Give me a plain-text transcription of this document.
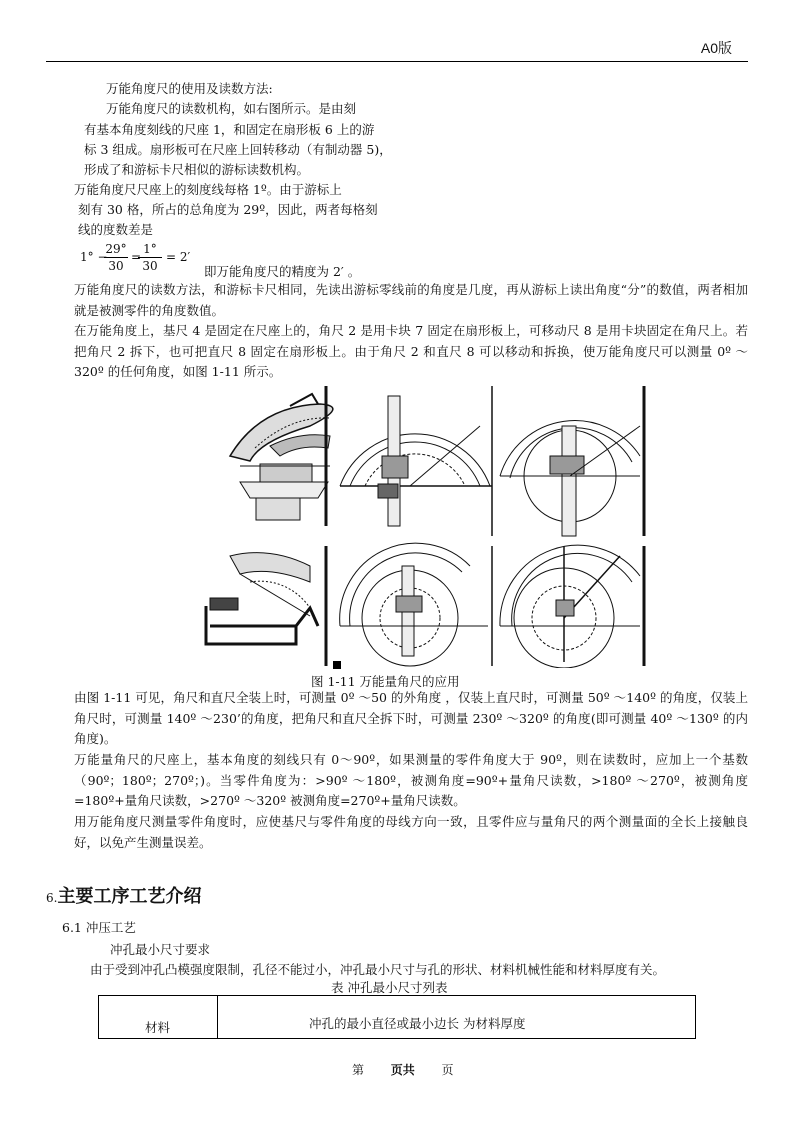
A0版
万能角度尺的使用及读数方法:
万能角度尺的读数机构，如右图所示。是由刻
有基本角度刻线的尺座 1，和固定在扇形板 6 上的游
标 3 组成。扇形板可在尺座上回转移动（有制动器 5)，
形成了和游标卡尺相似的游标读数机构。
万能角度尺尺座上的刻度线每格 1º。由于游标上
刻有 30 格，所占的总角度为 29º，因此，两者每格刻
线的度数差是
1° −
$\frac{29^\circ}{30}$ =
$\frac{1^\circ}{30} = 2'$
即万能角度尺的精度为 2′ 。
万能角度尺的读数方法，和游标卡尺相同，先读出游标零线前的角度是几度，再从游标上读出角度“分”的数值，两者相加就是被测零件的角度数值。
在万能角度上，基尺 4 是固定在尺座上的，角尺 2 是用卡块 7 固定在扇形板上，可移动尺 8 是用卡块固定在角尺上。若把角尺 2 拆下，也可把直尺 8 固定在扇形板上。由于角尺 2 和直尺 8 可以移动和拆换，使万能角度尺可以测量 0º ～320º 的任何角度，如图 1-11 所示。
图 1-11 万能量角尺的应用
由图 1-11 可见，角尺和直尺全装上时，可测量 0º ～50 的外角度 ，仅装上直尺时，可测量 50º ～140º 的角度，仅装上角尺时，可测量 140º ～230’的角度，把角尺和直尺全拆下时，可测量 230º ～320º 的角度(即可测量 40º ～130º 的内角度)。
万能量角尺的尺座上，基本角度的刻线只有 0～90º，如果测量的零件角度大于 90º，则在读数时，应加上一个基数（90º；180º；270º；)。当零件角度为：>90º ～180º，被测角度=90º+量角尺读数，>180º ～270º，被测角度=180º+量角尺读数，>270º ～320º 被测角度=270º+量角尺读数。
用万能角度尺测量零件角度时，应使基尺与零件角度的母线方向一致，且零件应与量角尺的两个测量面的全长上接触良好，以免产生测量误差。
6.主要工序工艺介绍
6.1 冲压工艺
冲孔最小尺寸要求
由于受到冲孔凸模强度限制，孔径不能过小，冲孔最小尺寸与孔的形状、材料机械性能和材料厚度有关。
表 冲孔最小尺寸列表
材料	冲孔的最小直径或最小边长 为材料厚度
第 页共 页
